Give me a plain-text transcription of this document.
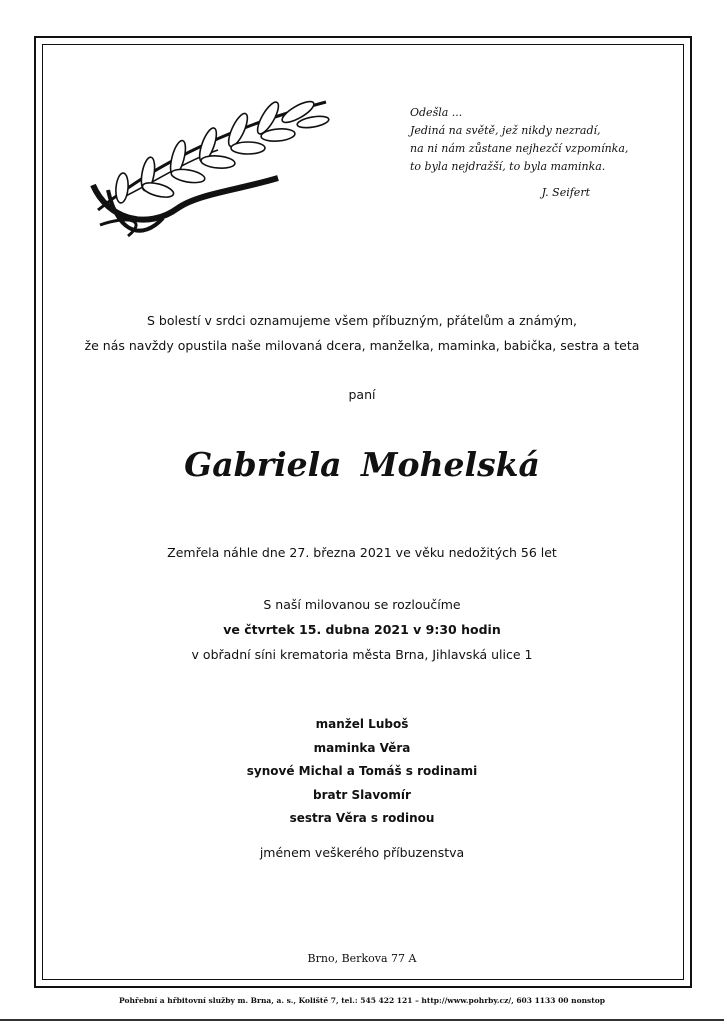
Odešla ...
Jediná na světě, jež nikdy nezradí,
na ni nám zůstane nejhezčí vzpomínka,
to byla nejdražší, to byla maminka.
J. Seifert
S bolestí v srdci oznamujeme všem příbuzným, přátelům a známým,
že nás navždy opustila naše milovaná dcera, manželka, maminka, babička, sestra a teta
paní
Gabriela Mohelská
Zemřela náhle dne 27. března 2021 ve věku nedožitých 56 let
S naší milovanou se rozloučíme
ve čtvrtek 15. dubna 2021 v 9:30 hodin
v obřadní síni krematoria města Brna, Jihlavská ulice 1
manžel Luboš
maminka Věra
synové Michal a Tomáš s rodinami
bratr Slavomír
sestra Věra s rodinou
jménem veškerého příbuzenstva
Brno, Berkova 77 A
Pohřební a hřbitovní služby m. Brna, a. s., Koliště 7, tel.: 545 422 121 – http://www.pohrby.cz/, 603 1133 00 nonstop
